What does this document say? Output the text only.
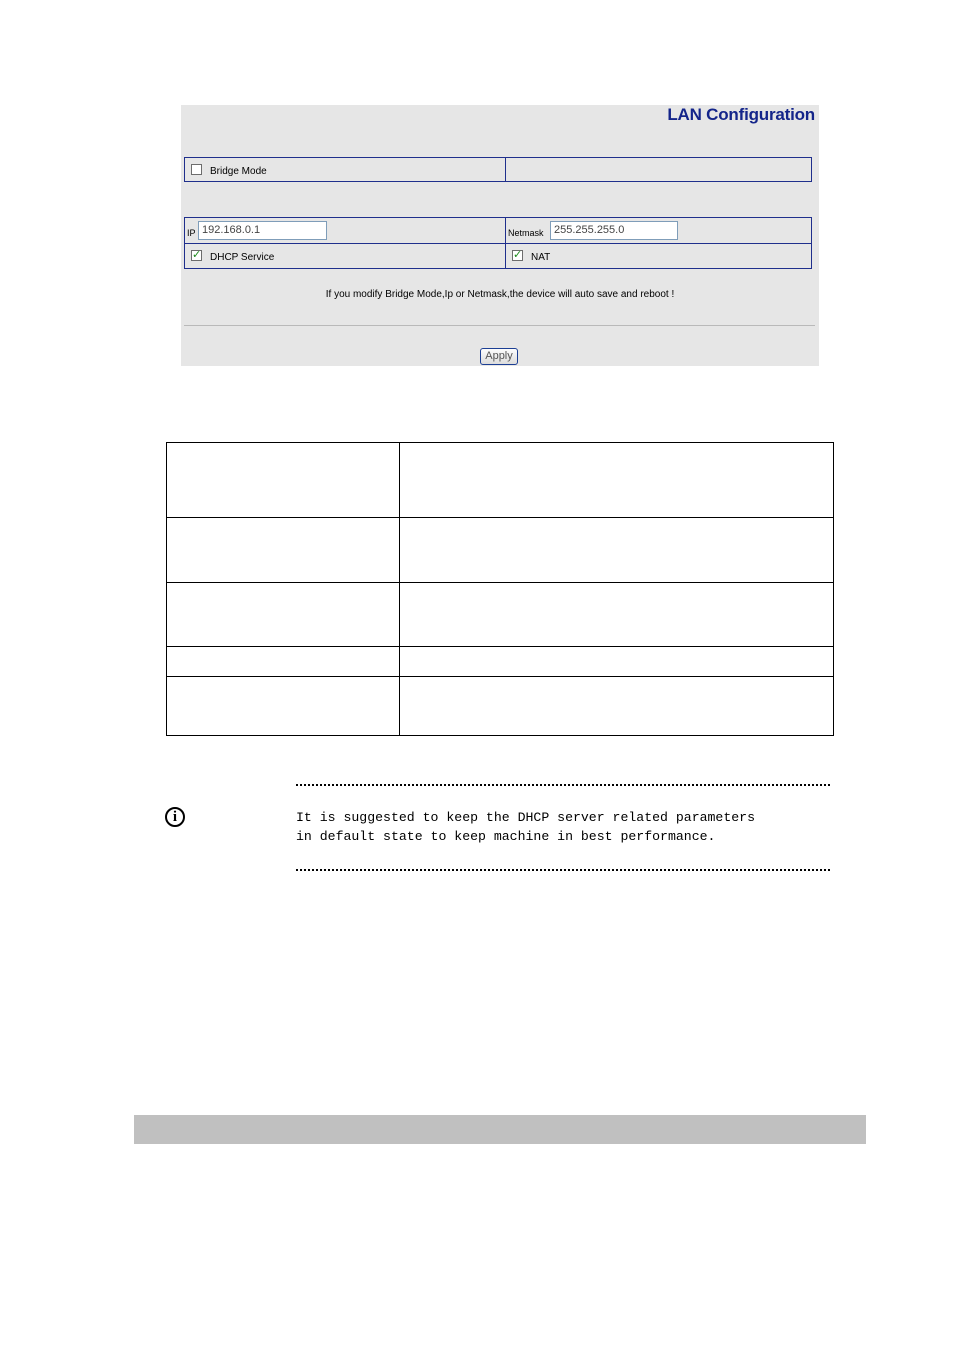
LAN Configuration
Bridge Mode
IP 192.168.0.1	Netmask 255.255.255.0
✓ DHCP Service	✓ NAT
If you modify Bridge Mode,Ip or Netmask,the device will auto save and reboot !
Apply

i	It is suggested to keep the DHCP server related parameters
in default state to keep machine in best performance.
